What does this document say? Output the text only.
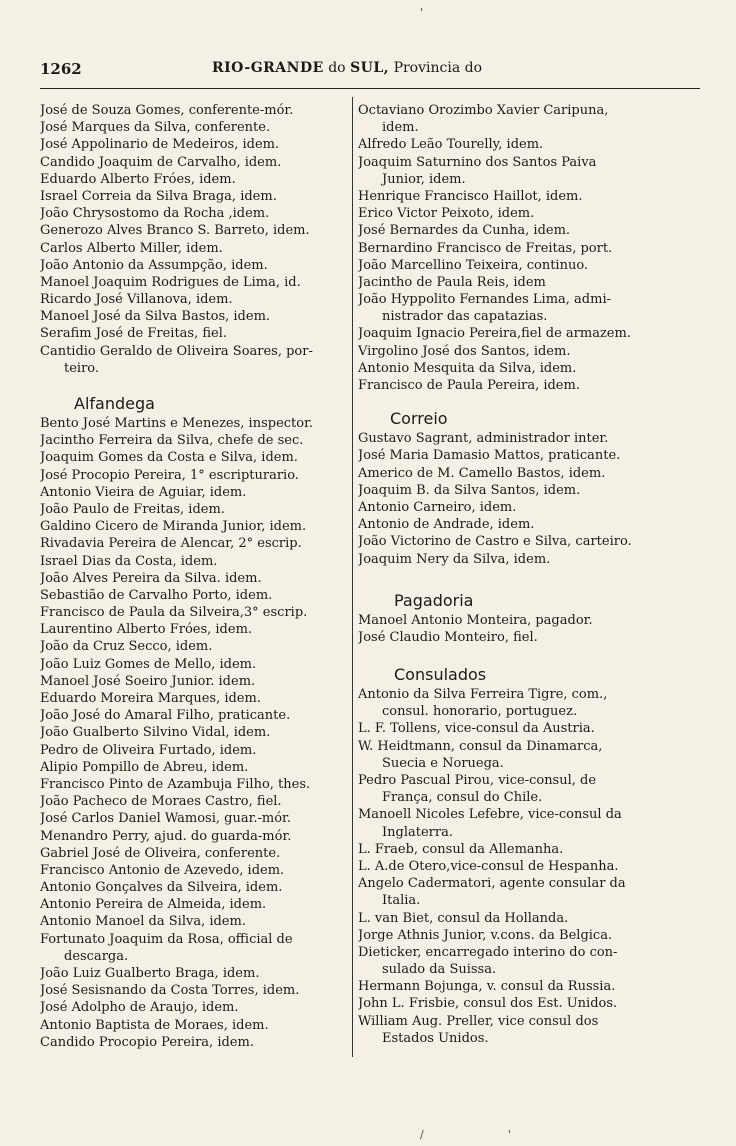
1262	RIO-GRANDE do SUL, Provincia do
José de Souza Gomes, conferente-mór.
José Marques da Silva, conferente.
José Appolinario de Medeiros, idem.
Candido Joaquim de Carvalho, idem.
Eduardo Alberto Fróes, idem.
Israel Correia da Silva Braga, idem.
João Chrysostomo da Rocha ,idem.
Generozo Alves Branco S. Barreto, idem.
Carlos Alberto Miller, idem.
João Antonio da Assumpção, idem.
Manoel Joaquim Rodrigues de Lima, id.
Ricardo José Villanova, idem.
Manoel José da Silva Bastos, idem.
Serafim José de Freitas, fiel.
Cantidio Geraldo de Oliveira Soares, por-
teiro.
Alfandega
Bento José Martins e Menezes, inspector.
Jacintho Ferreira da Silva, chefe de sec.
Joaquim Gomes da Costa e Silva, idem.
José Procopio Pereira, 1° escripturario.
Antonio Vieira de Aguiar, idem.
João Paulo de Freitas, idem.
Galdino Cicero de Miranda Junior, idem.
Rivadavia Pereira de Alencar, 2° escrip.
Israel Dias da Costa, idem.
João Alves Pereira da Silva. idem.
Sebastião de Carvalho Porto, idem.
Francisco de Paula da Silveira,3° escrip.
Laurentino Alberto Fróes, idem.
João da Cruz Secco, idem.
João Luiz Gomes de Mello, idem.
Manoel José Soeiro Junior. idem.
Eduardo Moreira Marques, idem.
João José do Amaral Filho, praticante.
João Gualberto Silvino Vidal, idem.
Pedro de Oliveira Furtado, idem.
Alipio Pompillo de Abreu, idem.
Francisco Pinto de Azambuja Filho, thes.
João Pacheco de Moraes Castro, fiel.
José Carlos Daniel Wamosi, guar.-mór.
Menandro Perry, ajud. do guarda-mór.
Gabriel José de Oliveira, conferente.
Francisco Antonio de Azevedo, idem.
Antonio Gonçalves da Silveira, idem.
Antonio Pereira de Almeida, idem.
Antonio Manoel da Silva, idem.
Fortunato Joaquim da Rosa, official de
descarga.
João Luiz Gualberto Braga, idem.
José Sesisnando da Costa Torres, idem.
José Adolpho de Araujo, idem.
Antonio Baptista de Moraes, idem.
Candido Procopio Pereira, idem.
Octaviano Orozimbo Xavier Caripuna,
idem.
Alfredo Leão Tourelly, idem.
Joaquim Saturnino dos Santos Paiva
Junior, idem.
Henrique Francisco Haillot, idem.
Erico Victor Peixoto, idem.
José Bernardes da Cunha, idem.
Bernardino Francisco de Freitas, port.
João Marcellino Teixeira, continuo.
Jacintho de Paula Reis, idem
João Hyppolito Fernandes Lima, admi-
nistrador das capatazias.
Joaquim Ignacio Pereira,fiel de armazem.
Virgolino José dos Santos, idem.
Antonio Mesquita da Silva, idem.
Francisco de Paula Pereira, idem.
Correio
Gustavo Sagrant, administrador inter.
José Maria Damasio Mattos, praticante.
Americo de M. Camello Bastos, idem.
Joaquim B. da Silva Santos, idem.
Antonio Carneiro, idem.
Antonio de Andrade, idem.
João Victorino de Castro e Silva, carteiro.
Joaquim Nery da Silva, idem.
Pagadoria
Manoel Antonio Monteira, pagador.
José Claudio Monteiro, fiel.
Consulados
Antonio da Silva Ferreira Tigre, com.,
consul. honorario, portuguez.
L. F. Tollens, vice-consul da Austria.
W. Heidtmann, consul da Dinamarca,
Suecia e Noruega.
Pedro Pascual Pirou, vice-consul, de
França, consul do Chile.
Manoell Nicoles Lefebre, vice-consul da
Inglaterra.
L. Fraeb, consul da Allemanha.
L. A.de Otero,vice-consul de Hespanha.
Angelo Cadermatori, agente consular da
Italia.
L. van Biet, consul da Hollanda.
Jorge Athnis Junior, v.cons. da Belgica.
Dieticker, encarregado interino do con-
sulado da Suissa.
Hermann Bojunga, v. consul da Russia.
John L. Frisbie, consul dos Est. Unidos.
William Aug. Preller, vice consul dos
Estados Unidos.
'
/	'
